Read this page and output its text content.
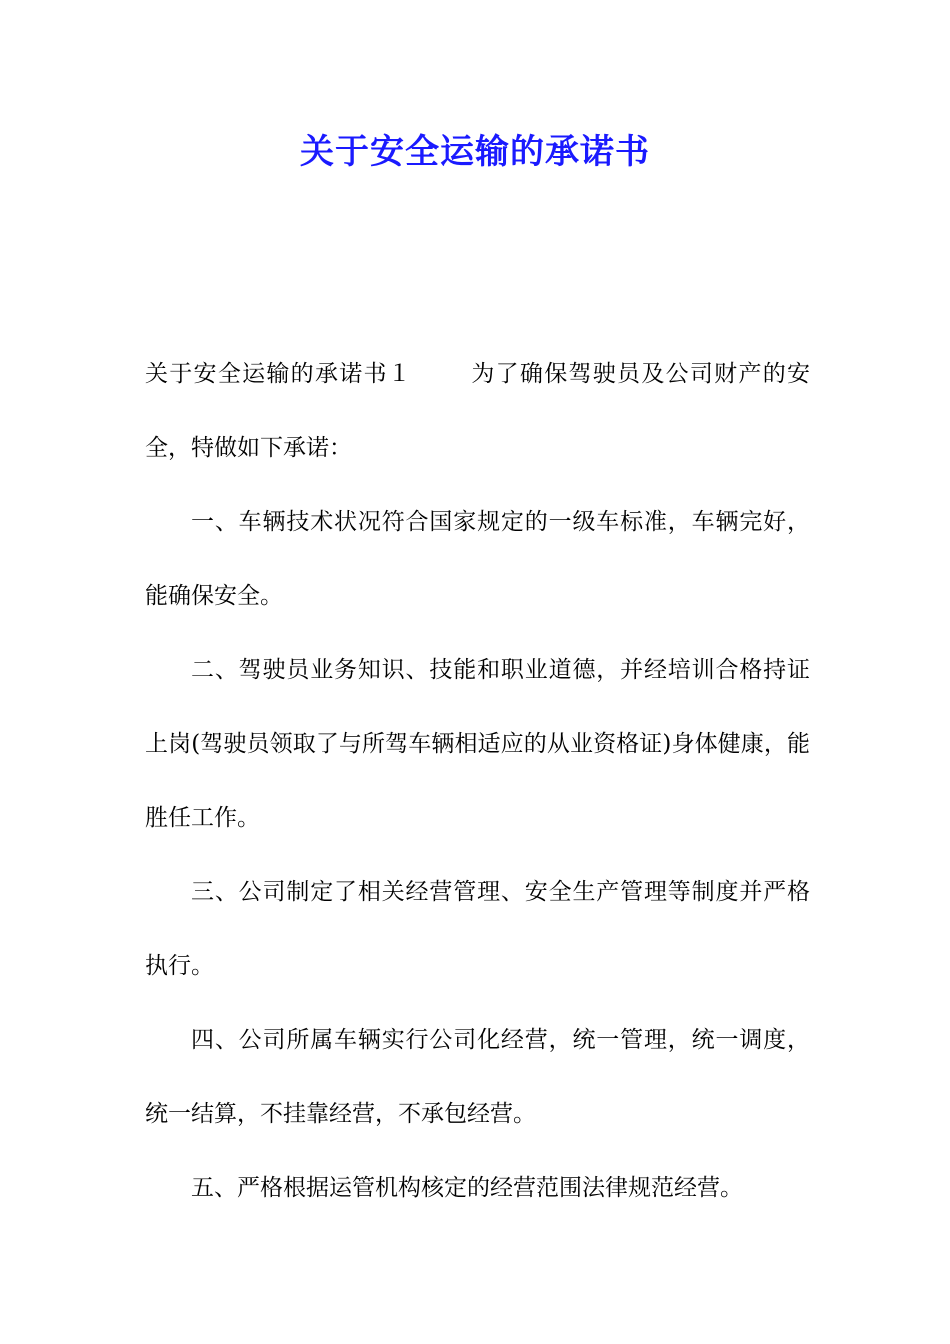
关于安全运输的承诺书

关于安全运输的承诺书１	为了确保驾驶员及公司财产的安全，特做如下承诺：

一、车辆技术状况符合国家规定的一级车标准，车辆完好，能确保安全。

二、驾驶员业务知识、技能和职业道德，并经培训合格持证上岗(驾驶员领取了与所驾车辆相适应的从业资格证)身体健康，能胜任工作。

三、公司制定了相关经营管理、安全生产管理等制度并严格执行。

四、公司所属车辆实行公司化经营，统一管理，统一调度，统一结算，不挂靠经营，不承包经营。

五、严格根据运管机构核定的经营范围法律规范经营。
